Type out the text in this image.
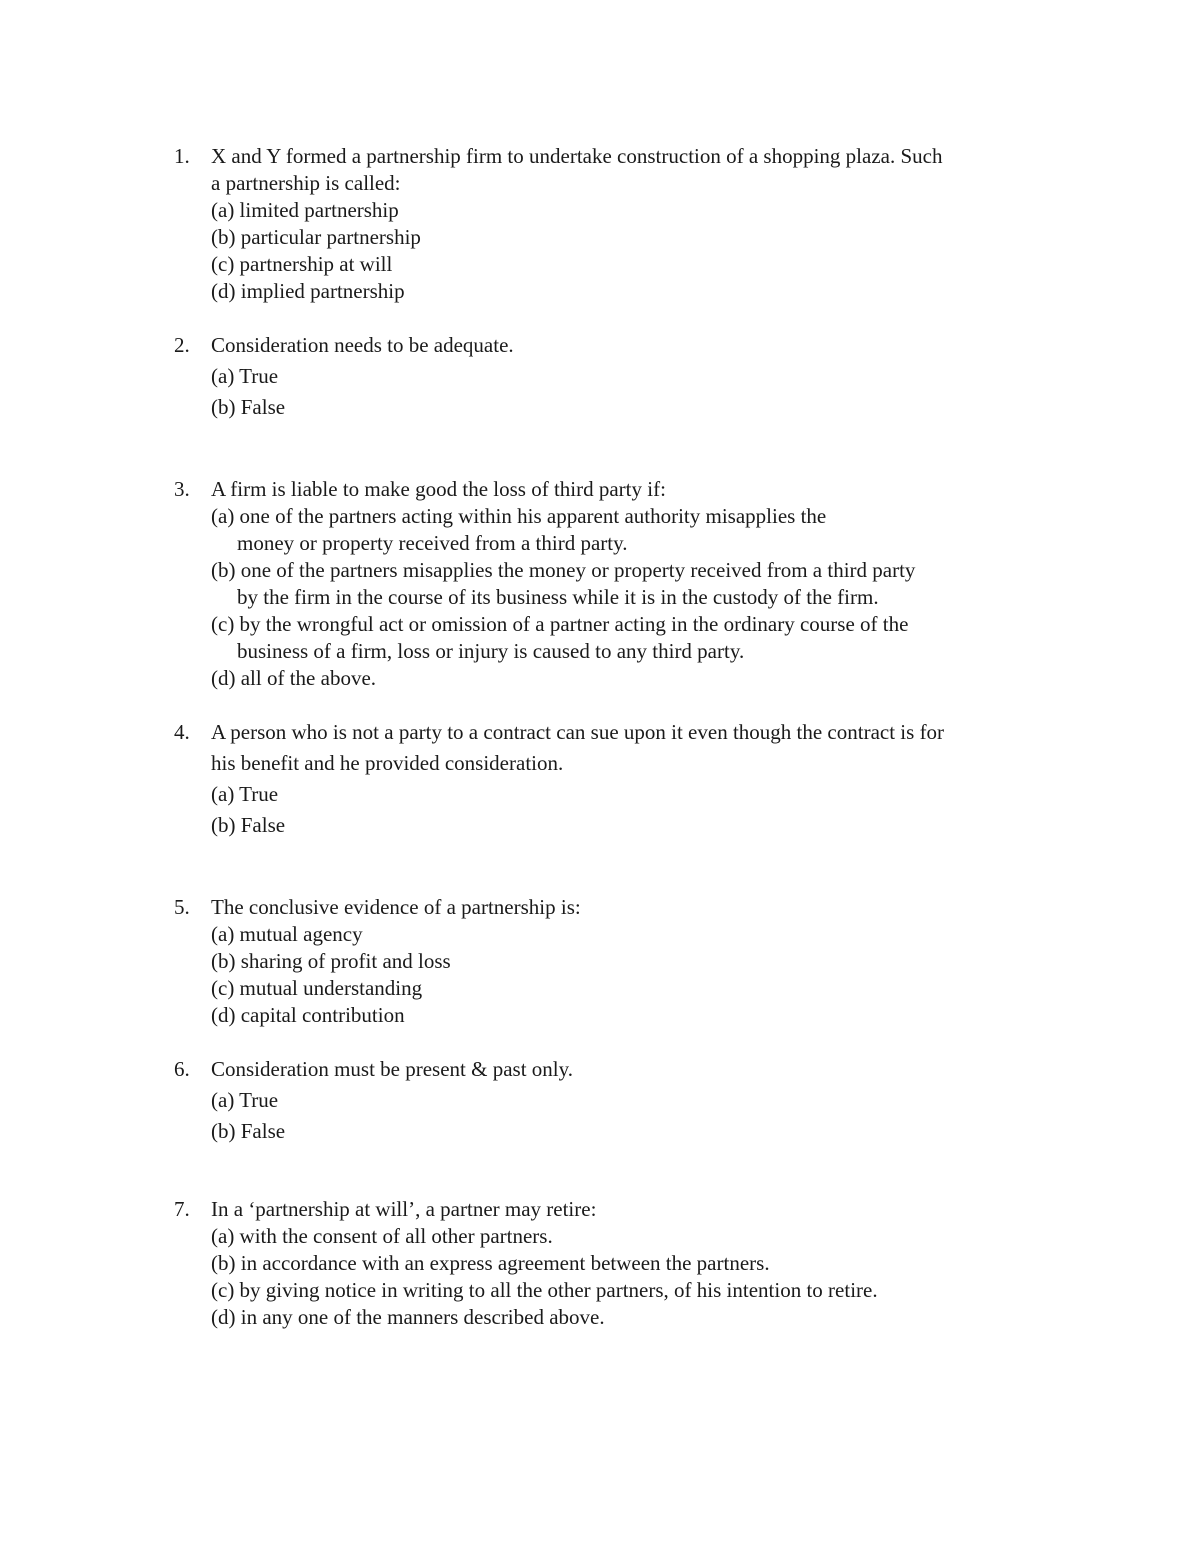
1.	X and Y formed a partnership firm to undertake construction of a shopping plaza. Such
a partnership is called:
(a) limited partnership
(b) particular partnership
(c) partnership at will
(d) implied partnership
2.	Consideration needs to be adequate.
(a) True
(b) False
3.	A firm is liable to make good the loss of third party if:
(a) one of the partners acting within his apparent authority misapplies the
money or property received from a third party.
(b) one of the partners misapplies the money or property received from a third party
by the firm in the course of its business while it is in the custody of the firm.
(c) by the wrongful act or omission of a partner acting in the ordinary course of the
business of a firm, loss or injury is caused to any third party.
(d) all of the above.
4.	A person who is not a party to a contract can sue upon it even though the contract is for
his benefit and he provided consideration.
(a) True
(b) False
5.	The conclusive evidence of a partnership is:
(a) mutual agency
(b) sharing of profit and loss
(c) mutual understanding
(d) capital contribution
6.	Consideration must be present & past only.
(a) True
(b) False
7.	In a ‘partnership at will’, a partner may retire:
(a) with the consent of all other partners.
(b) in accordance with an express agreement between the partners.
(c) by giving notice in writing to all the other partners, of his intention to retire.
(d) in any one of the manners described above.
